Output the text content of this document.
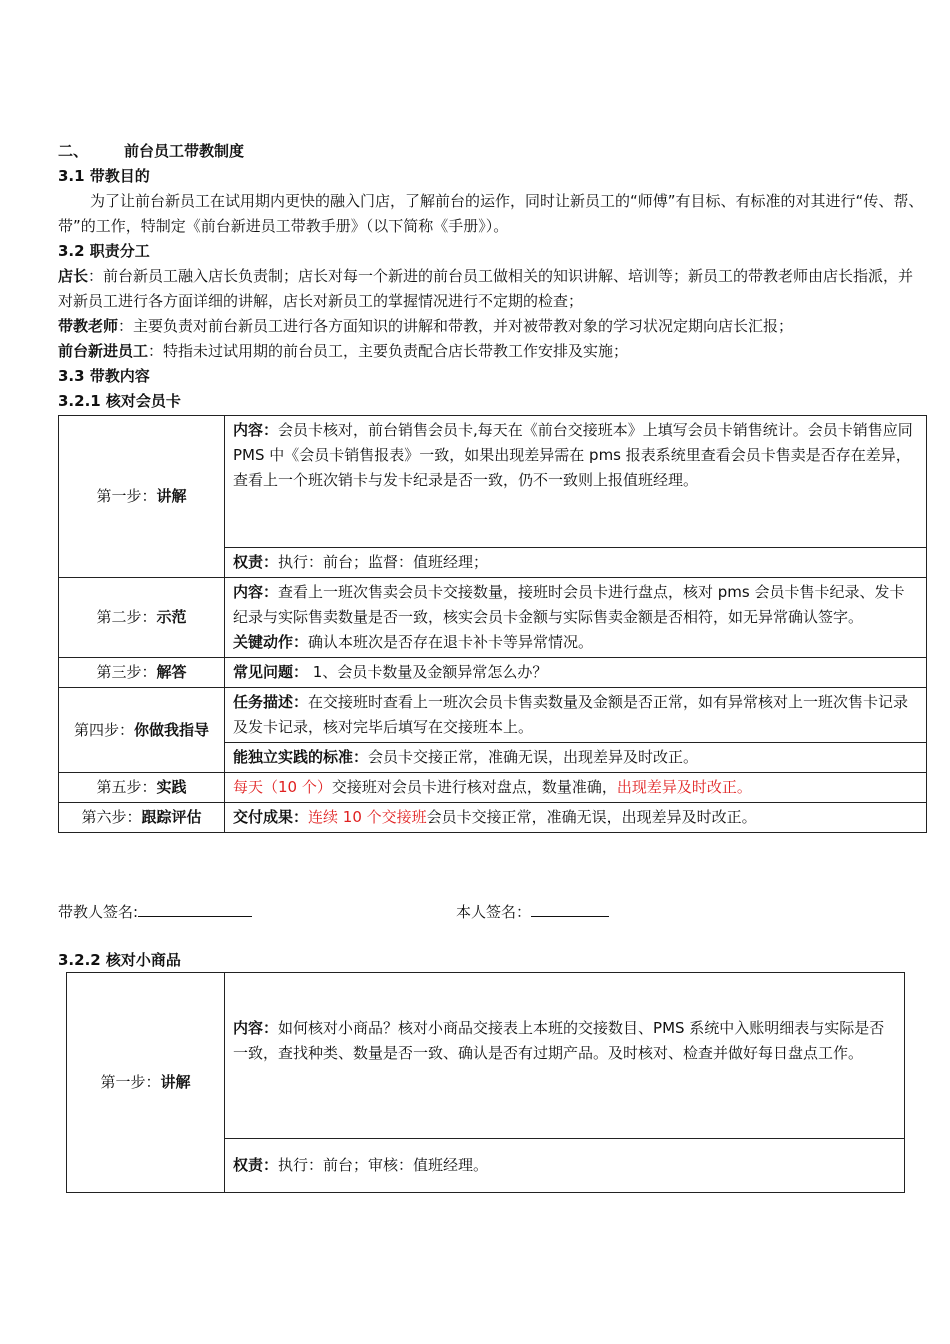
二、 前台员工带教制度
3.1 带教目的
为了让前台新员工在试用期内更快的融入门店，了解前台的运作，同时让新员工的“师傅”有目标、有标准的对其进行“传、帮、带”的工作，特制定《前台新进员工带教手册》（以下简称《手册》）。
3.2 职责分工
店长：前台新员工融入店长负责制；店长对每一个新进的前台员工做相关的知识讲解、培训等；新员工的带教老师由店长指派，并对新员工进行各方面详细的讲解，店长对新员工的掌握情况进行不定期的检查；
带教老师：主要负责对前台新员工进行各方面知识的讲解和带教，并对被带教对象的学习状况定期向店长汇报；
前台新进员工：特指未过试用期的前台员工，主要负责配合店长带教工作安排及实施；
3.3 带教内容
3.2.1 核对会员卡
第一步：讲解	内容：会员卡核对，前台销售会员卡,每天在《前台交接班本》上填写会员卡销售统计。会员卡销售应同 PMS 中《会员卡销售报表》一致，如果出现差异需在 pms 报表系统里查看会员卡售卖是否存在差异，查看上一个班次销卡与发卡纪录是否一致，仍不一致则上报值班经理。
	权责：执行：前台；监督：值班经理；
第二步：示范	内容：查看上一班次售卖会员卡交接数量，接班时会员卡进行盘点，核对 pms 会员卡售卡纪录、发卡纪录与实际售卖数量是否一致，核实会员卡金额与实际售卖金额是否相符，如无异常确认签字。
关键动作：确认本班次是否存在退卡补卡等异常情况。
第三步：解答	常见问题： 1、会员卡数量及金额异常怎么办？
第四步：你做我指导	任务描述：在交接班时查看上一班次会员卡售卖数量及金额是否正常，如有异常核对上一班次售卡记录及发卡记录，核对完毕后填写在交接班本上。
	能独立实践的标准：会员卡交接正常，准确无误，出现差异及时改正。
第五步：实践	每天（10 个）交接班对会员卡进行核对盘点，数量准确，出现差异及时改正。
第六步：跟踪评估	交付成果：连续 10 个交接班会员卡交接正常，准确无误，出现差异及时改正。
带教人签名:	本人签名：
3.2.2 核对小商品
第一步：讲解	内容：如何核对小商品？核对小商品交接表上本班的交接数目、PMS 系统中入账明细表与实际是否一致，查找种类、数量是否一致、确认是否有过期产品。及时核对、检查并做好每日盘点工作。

权责：执行：前台；审核：值班经理。
